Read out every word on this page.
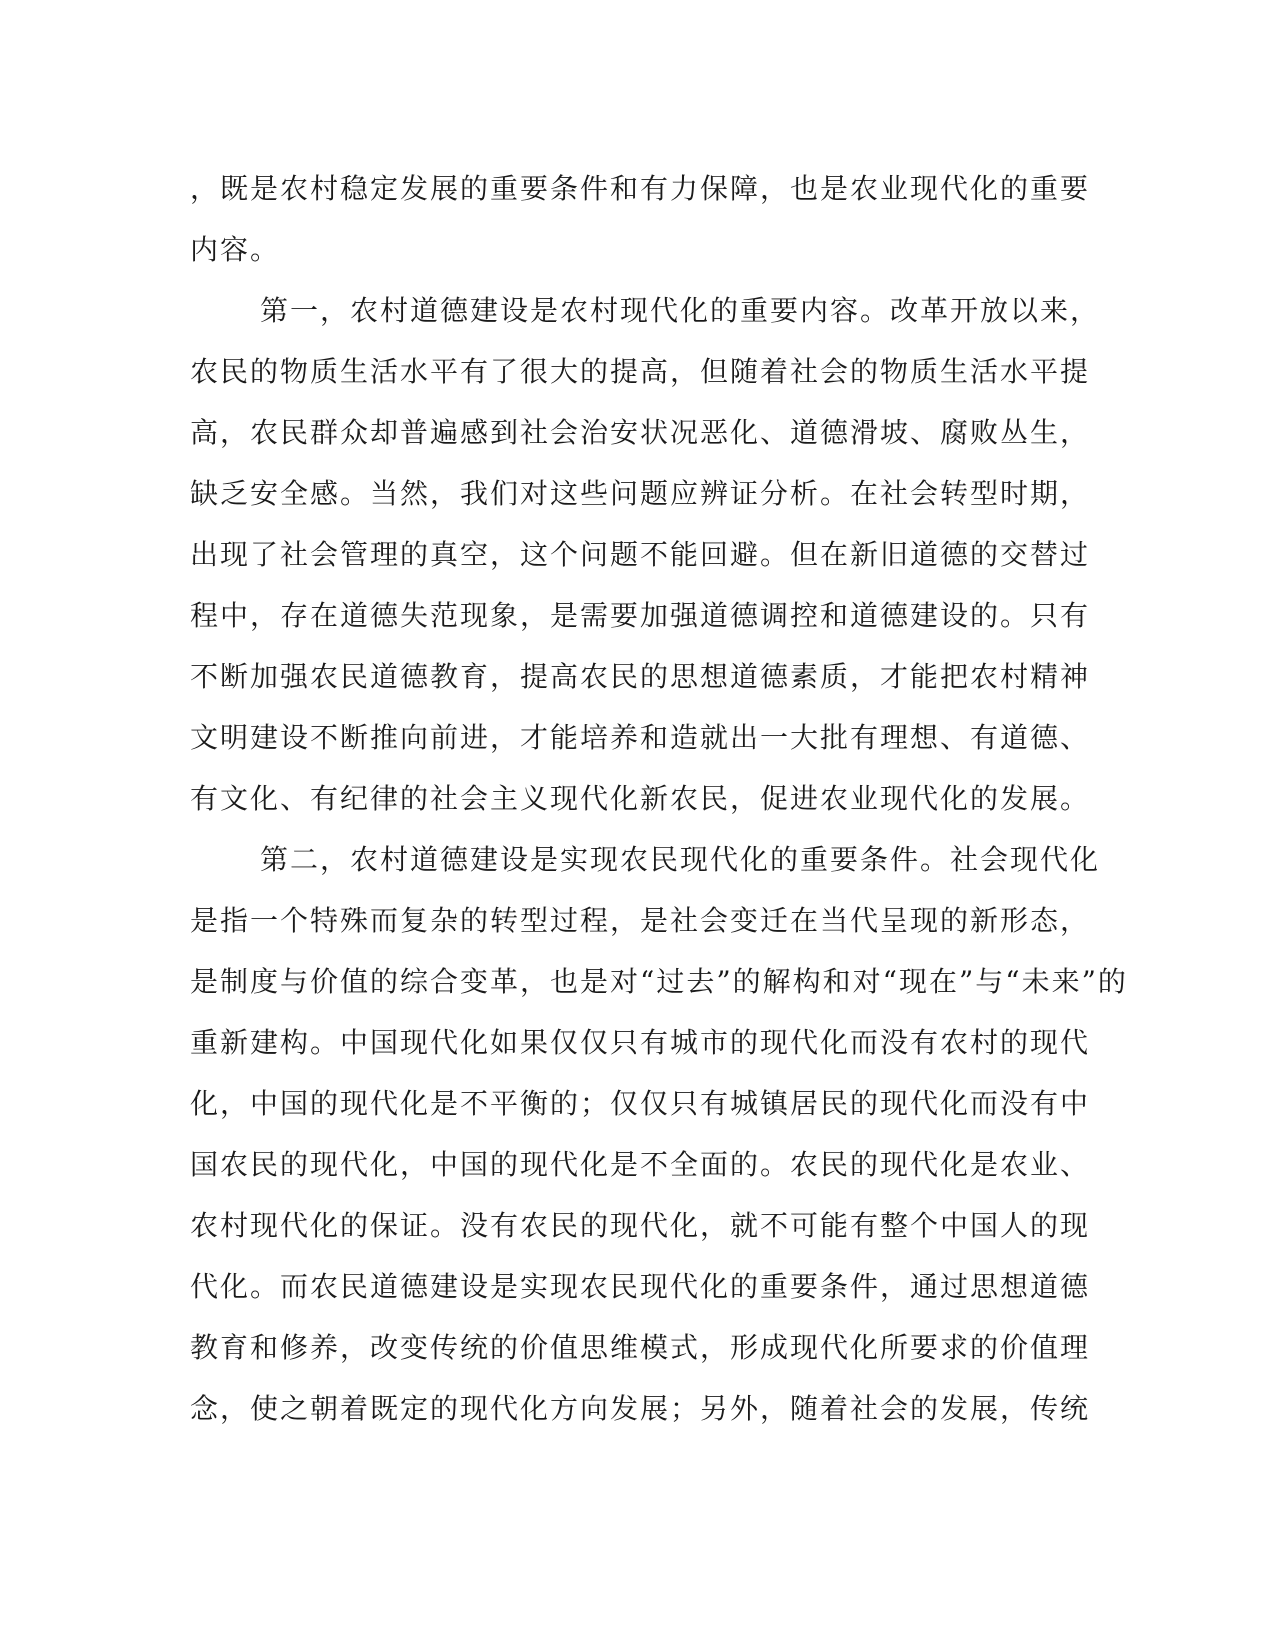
，既是农村稳定发展的重要条件和有力保障，也是农业现代化的重要
内容。
第一，农村道德建设是农村现代化的重要内容。改革开放以来，
农民的物质生活水平有了很大的提高，但随着社会的物质生活水平提
高，农民群众却普遍感到社会治安状况恶化、道德滑坡、腐败丛生，
缺乏安全感。当然，我们对这些问题应辨证分析。在社会转型时期，
出现了社会管理的真空，这个问题不能回避。但在新旧道德的交替过
程中，存在道德失范现象，是需要加强道德调控和道德建设的。只有
不断加强农民道德教育，提高农民的思想道德素质，才能把农村精神
文明建设不断推向前进，才能培养和造就出一大批有理想、有道德、
有文化、有纪律的社会主义现代化新农民，促进农业现代化的发展。
第二，农村道德建设是实现农民现代化的重要条件。社会现代化
是指一个特殊而复杂的转型过程，是社会变迁在当代呈现的新形态，
是制度与价值的综合变革，也是对“过去”的解构和对“现在”与“未来”的
重新建构。中国现代化如果仅仅只有城市的现代化而没有农村的现代
化，中国的现代化是不平衡的；仅仅只有城镇居民的现代化而没有中
国农民的现代化，中国的现代化是不全面的。农民的现代化是农业、
农村现代化的保证。没有农民的现代化，就不可能有整个中国人的现
代化。而农民道德建设是实现农民现代化的重要条件，通过思想道德
教育和修养，改变传统的价值思维模式，形成现代化所要求的价值理
念，使之朝着既定的现代化方向发展；另外，随着社会的发展，传统
